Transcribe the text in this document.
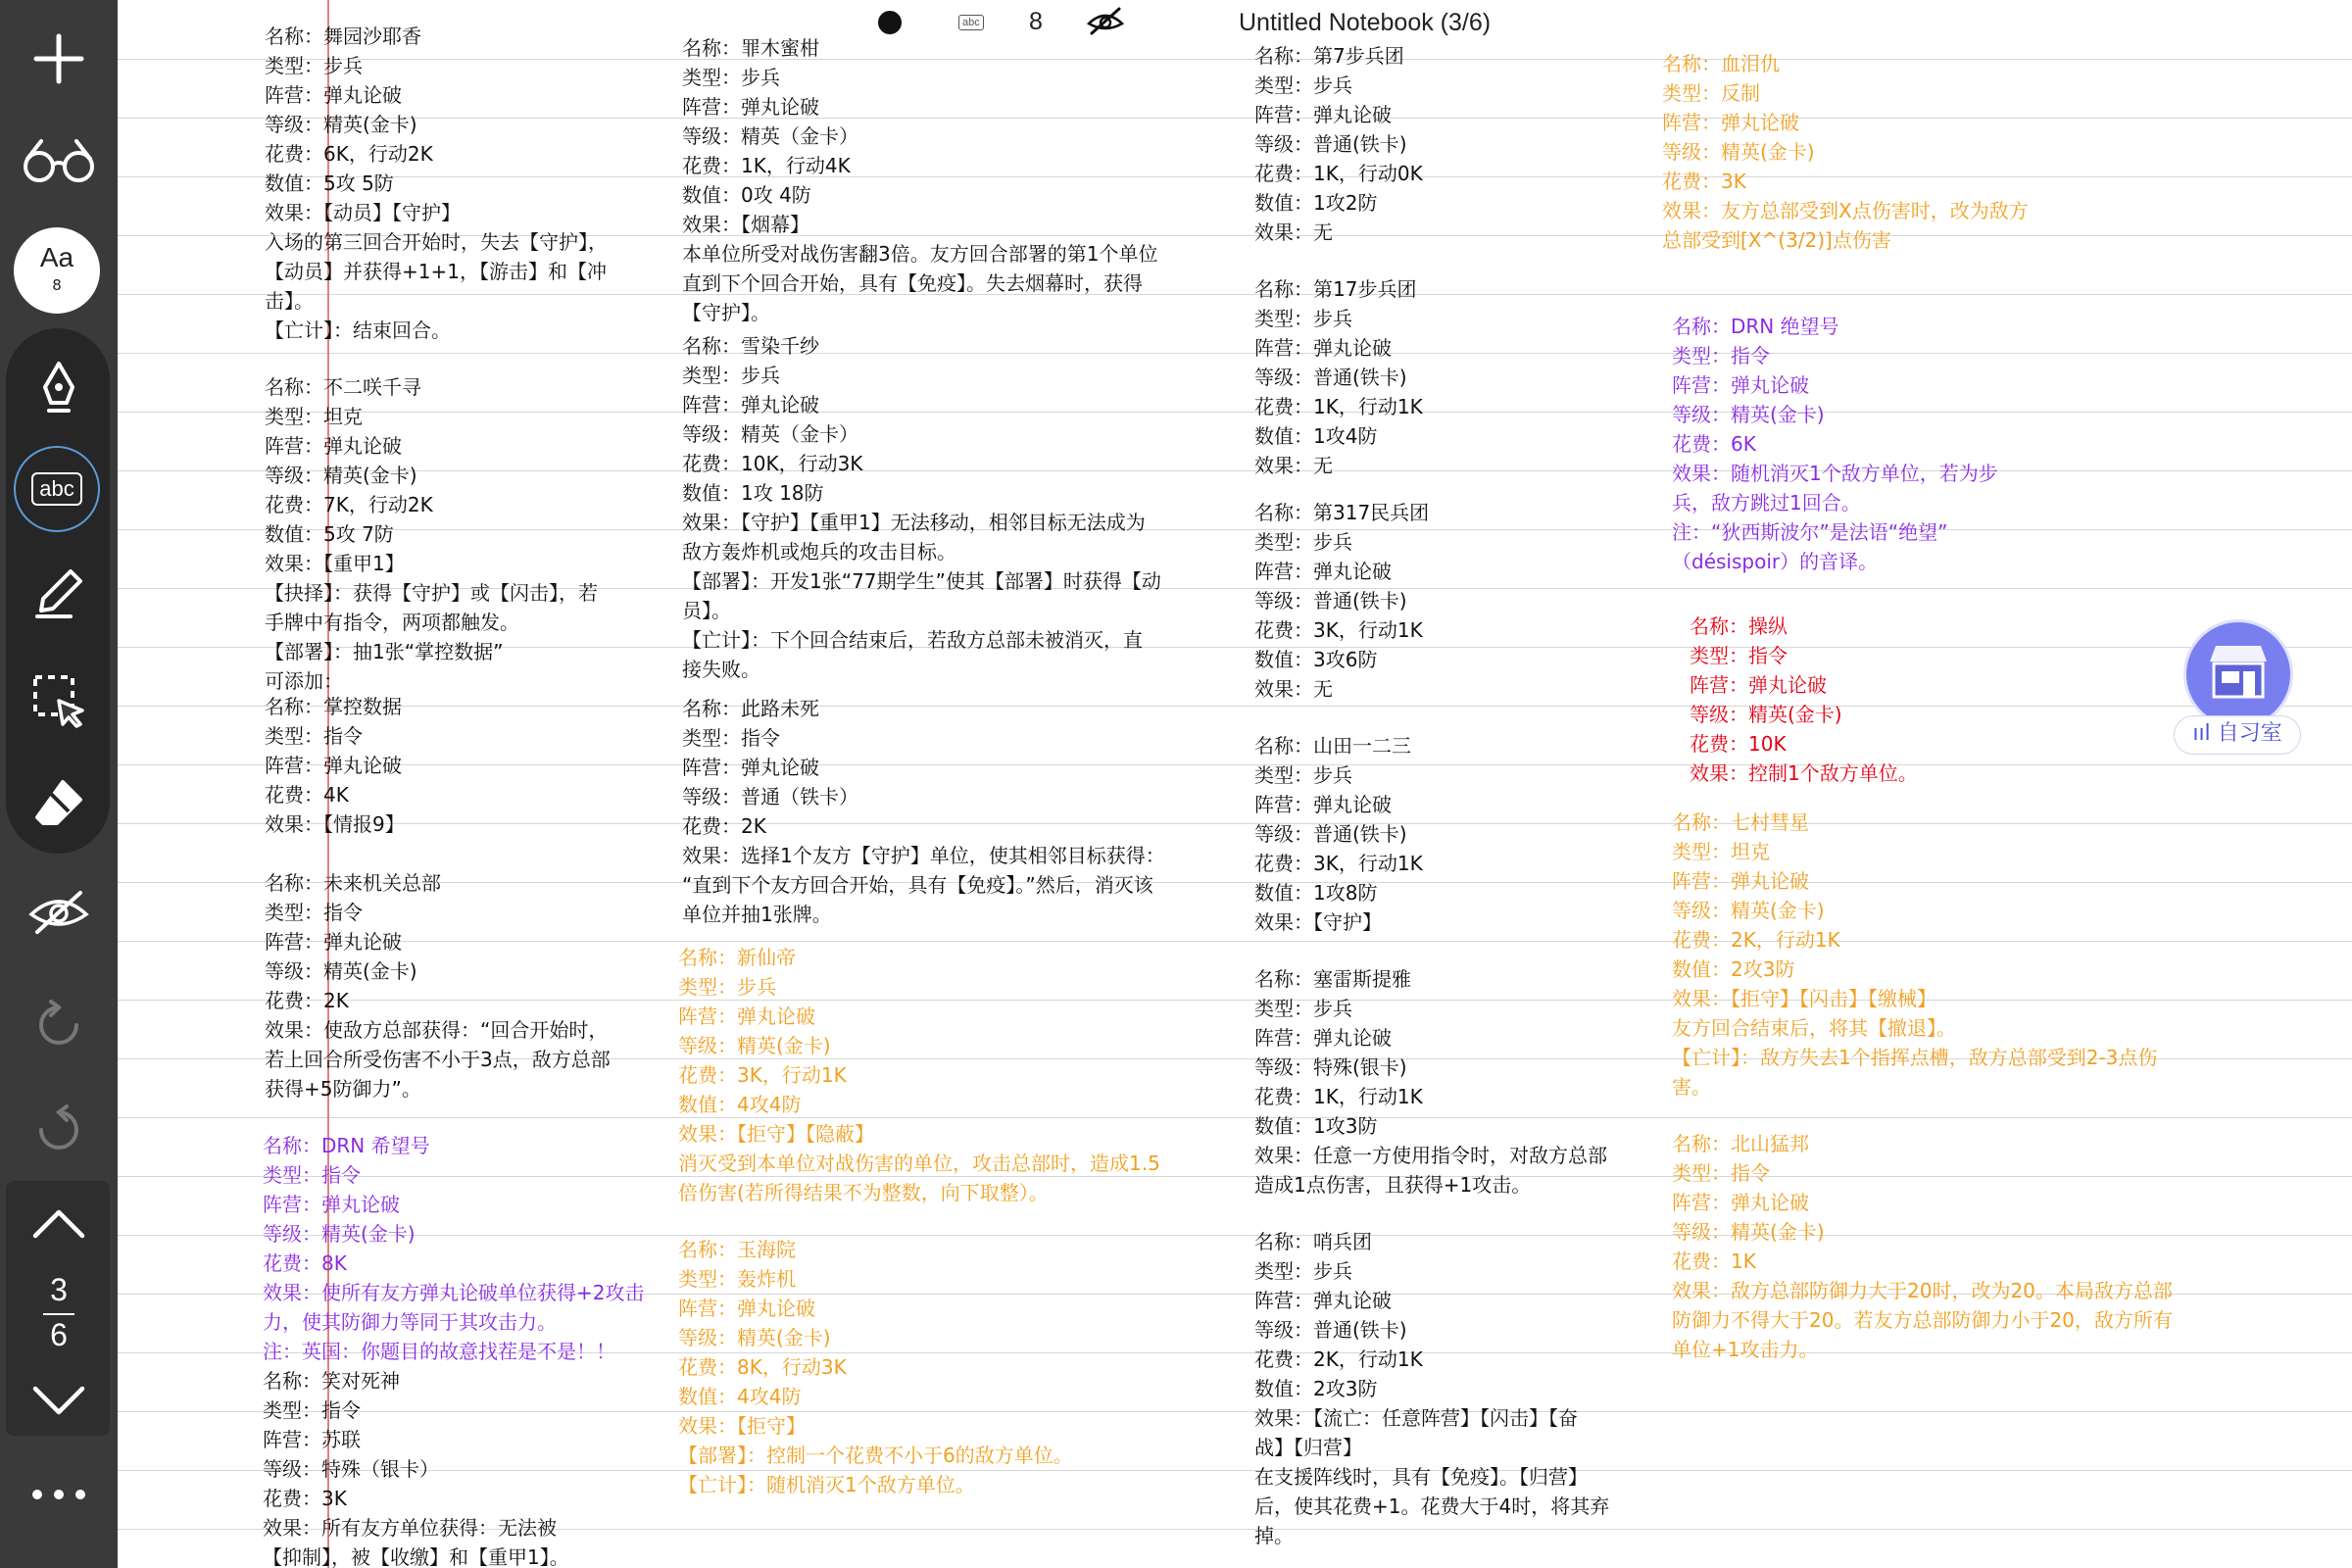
Aa
8
abc
3
6
abc 8	Untitled Notebook (3/6)
名称：舞园沙耶香
类型：步兵
阵营：弹丸论破
等级：精英(金卡)
花费：6K，行动2K
数值：5攻 5防
效果：【动员】【守护】
入场的第三回合开始时，失去【守护】，
【动员】并获得+1+1，【游击】和【冲
击】。
【亡计】：结束回合。
名称：不二咲千寻
类型：坦克
阵营：弹丸论破
等级：精英(金卡)
花费：7K，行动2K
数值：5攻 7防
效果：【重甲1】
【抉择】：获得【守护】或【闪击】，若
手牌中有指令，两项都触发。
【部署】：抽1张“掌控数据”
可添加：
名称：掌控数据
类型：指令
阵营：弹丸论破
花费：4K
效果：【情报9】
名称：未来机关总部
类型：指令
阵营：弹丸论破
等级：精英(金卡)
花费：2K
效果：使敌方总部获得：“回合开始时，
若上回合所受伤害不小于3点，敌方总部
获得+5防御力”。
名称：DRN 希望号
类型：指令
阵营：弹丸论破
等级：精英(金卡)
花费：8K
效果：使所有友方弹丸论破单位获得+2攻击
力，使其防御力等同于其攻击力。
注：英国：你题目的故意找茬是不是！！
名称：笑对死神
类型：指令
阵营：苏联
等级：特殊（银卡）
花费：3K
效果：所有友方单位获得：无法被
【抑制】，被【收缴】和【重甲1】。
名称：罪木蜜柑
类型：步兵
阵营：弹丸论破
等级：精英（金卡）
花费：1K，行动4K
数值：0攻 4防
效果：【烟幕】
本单位所受对战伤害翻3倍。友方回合部署的第1个单位
直到下个回合开始，具有【免疫】。失去烟幕时，获得
【守护】。
名称：雪染千纱
类型：步兵
阵营：弹丸论破
等级：精英（金卡）
花费：10K，行动3K
数值：1攻 18防
效果：【守护】【重甲1】无法移动，相邻目标无法成为
敌方轰炸机或炮兵的攻击目标。
【部署】：开发1张“77期学生”使其【部署】时获得【动
员】。
【亡计】：下个回合结束后，若敌方总部未被消灭，直
接失败。
名称：此路未死
类型：指令
阵营：弹丸论破
等级：普通（铁卡）
花费：2K
效果：选择1个友方【守护】单位，使其相邻目标获得：
“直到下个友方回合开始，具有【免疫】。”然后，消灭该
单位并抽1张牌。
名称：新仙帝
类型：步兵
阵营：弹丸论破
等级：精英(金卡)
花费：3K，行动1K
数值：4攻4防
效果：【拒守】【隐蔽】
消灭受到本单位对战伤害的单位，攻击总部时，造成1.5
倍伤害(若所得结果不为整数，向下取整）。
名称：玉海院
类型：轰炸机
阵营：弹丸论破
等级：精英(金卡)
花费：8K，行动3K
数值：4攻4防
效果：【拒守】
【部署】：控制一个花费不小于6的敌方单位。
【亡计】：随机消灭1个敌方单位。
名称：第7步兵团
类型：步兵
阵营：弹丸论破
等级：普通(铁卡)
花费：1K，行动0K
数值：1攻2防
效果：无
名称：第17步兵团
类型：步兵
阵营：弹丸论破
等级：普通(铁卡)
花费：1K，行动1K
数值：1攻4防
效果：无
名称：第317民兵团
类型：步兵
阵营：弹丸论破
等级：普通(铁卡)
花费：3K，行动1K
数值：3攻6防
效果：无
名称：山田一二三
类型：步兵
阵营：弹丸论破
等级：普通(铁卡)
花费：3K，行动1K
数值：1攻8防
效果：【守护】
名称：塞雷斯提雅
类型：步兵
阵营：弹丸论破
等级：特殊(银卡)
花费：1K，行动1K
数值：1攻3防
效果：任意一方使用指令时，对敌方总部
造成1点伤害，且获得+1攻击。
名称：哨兵团
类型：步兵
阵营：弹丸论破
等级：普通(铁卡)
花费：2K，行动1K
数值：2攻3防
效果：【流亡：任意阵营】【闪击】【奋
战】【归营】
在支援阵线时，具有【免疫】。【归营】
后，使其花费+1。花费大于4时，将其弃
掉。
名称：血泪仇
类型：反制
阵营：弹丸论破
等级：精英(金卡)
花费：3K
效果：友方总部受到X点伤害时，改为敌方
总部受到[X^(3/2)]点伤害
名称：DRN 绝望号
类型：指令
阵营：弹丸论破
等级：精英(金卡)
花费：6K
效果：随机消灭1个敌方单位，若为步
兵，敌方跳过1回合。
注：“狄西斯波尔”是法语“绝望”
（désispoir）的音译。
名称：操纵
类型：指令
阵营：弹丸论破
等级：精英(金卡)
花费：10K
效果：控制1个敌方单位。
名称：七村彗星
类型：坦克
阵营：弹丸论破
等级：精英(金卡)
花费：2K，行动1K
数值：2攻3防
效果：【拒守】【闪击】【缴械】
友方回合结束后，将其【撤退】。
【亡计】：敌方失去1个指挥点槽，敌方总部受到2-3点伤
害。
名称：北山猛邦
类型：指令
阵营：弹丸论破
等级：精英(金卡)
花费：1K
效果：敌方总部防御力大于20时，改为20。本局敌方总部
防御力不得大于20。若友方总部防御力小于20，敌方所有
单位+1攻击力。
ııl 自习室
